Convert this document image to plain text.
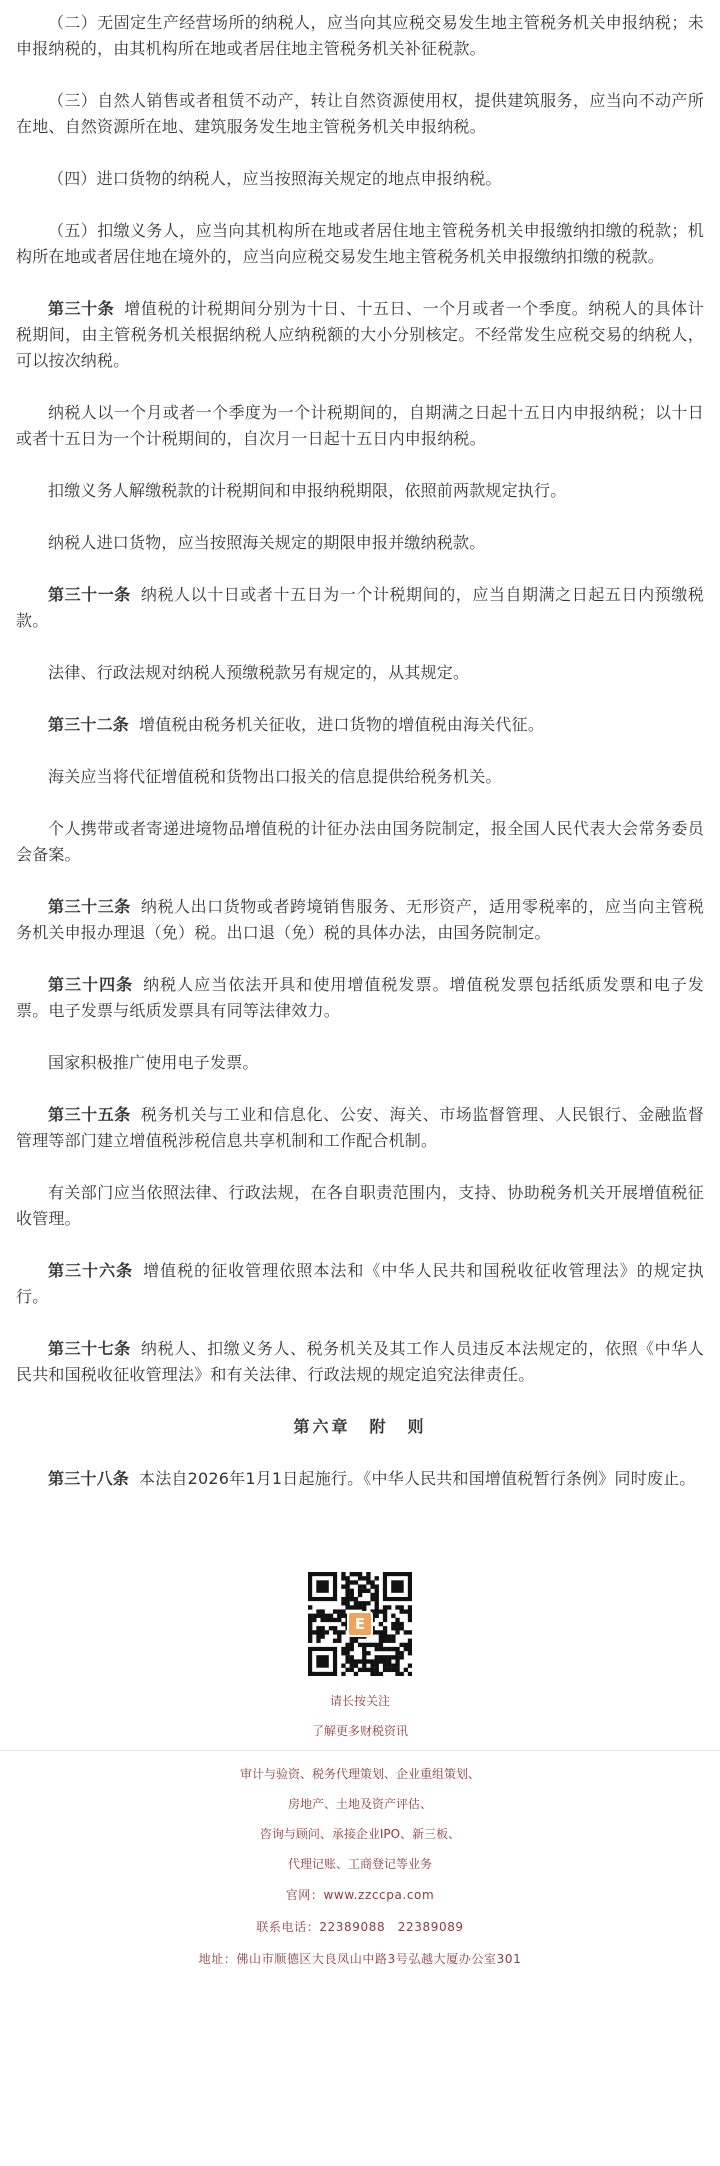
（二）无固定生产经营场所的纳税人，应当向其应税交易发生地主管税务机关申报纳税；未申报纳税的，由其机构所在地或者居住地主管税务机关补征税款。

（三）自然人销售或者租赁不动产，转让自然资源使用权，提供建筑服务，应当向不动产所在地、自然资源所在地、建筑服务发生地主管税务机关申报纳税。

（四）进口货物的纳税人，应当按照海关规定的地点申报纳税。

（五）扣缴义务人，应当向其机构所在地或者居住地主管税务机关申报缴纳扣缴的税款；机构所在地或者居住地在境外的，应当向应税交易发生地主管税务机关申报缴纳扣缴的税款。

第三十条 增值税的计税期间分别为十日、十五日、一个月或者一个季度。纳税人的具体计税期间，由主管税务机关根据纳税人应纳税额的大小分别核定。不经常发生应税交易的纳税人，可以按次纳税。

纳税人以一个月或者一个季度为一个计税期间的，自期满之日起十五日内申报纳税；以十日或者十五日为一个计税期间的，自次月一日起十五日内申报纳税。

扣缴义务人解缴税款的计税期间和申报纳税期限，依照前两款规定执行。

纳税人进口货物，应当按照海关规定的期限申报并缴纳税款。

第三十一条 纳税人以十日或者十五日为一个计税期间的，应当自期满之日起五日内预缴税款。

法律、行政法规对纳税人预缴税款另有规定的，从其规定。

第三十二条 增值税由税务机关征收，进口货物的增值税由海关代征。

海关应当将代征增值税和货物出口报关的信息提供给税务机关。

个人携带或者寄递进境物品增值税的计征办法由国务院制定，报全国人民代表大会常务委员会备案。

第三十三条 纳税人出口货物或者跨境销售服务、无形资产，适用零税率的，应当向主管税务机关申报办理退（免）税。出口退（免）税的具体办法，由国务院制定。

第三十四条 纳税人应当依法开具和使用增值税发票。增值税发票包括纸质发票和电子发票。电子发票与纸质发票具有同等法律效力。

国家积极推广使用电子发票。

第三十五条 税务机关与工业和信息化、公安、海关、市场监督管理、人民银行、金融监督管理等部门建立增值税涉税信息共享机制和工作配合机制。

有关部门应当依照法律、行政法规，在各自职责范围内，支持、协助税务机关开展增值税征收管理。

第三十六条 增值税的征收管理依照本法和《中华人民共和国税收征收管理法》的规定执行。

第三十七条 纳税人、扣缴义务人、税务机关及其工作人员违反本法规定的，依照《中华人民共和国税收征收管理法》和有关法律、行政法规的规定追究法律责任。

第六章　附　则

第三十八条 本法自2026年1月1日起施行。《中华人民共和国增值税暂行条例》同时废止。

E
请长按关注
了解更多财税资讯
审计与验资、税务代理策划、企业重组策划、
房地产、土地及资产评估、
咨询与顾问、承接企业IPO、新三板、
代理记账、工商登记等业务
官网：www.zzccpa.com
联系电话：22389088　22389089
地址：佛山市顺德区大良凤山中路3号弘越大厦办公室301
